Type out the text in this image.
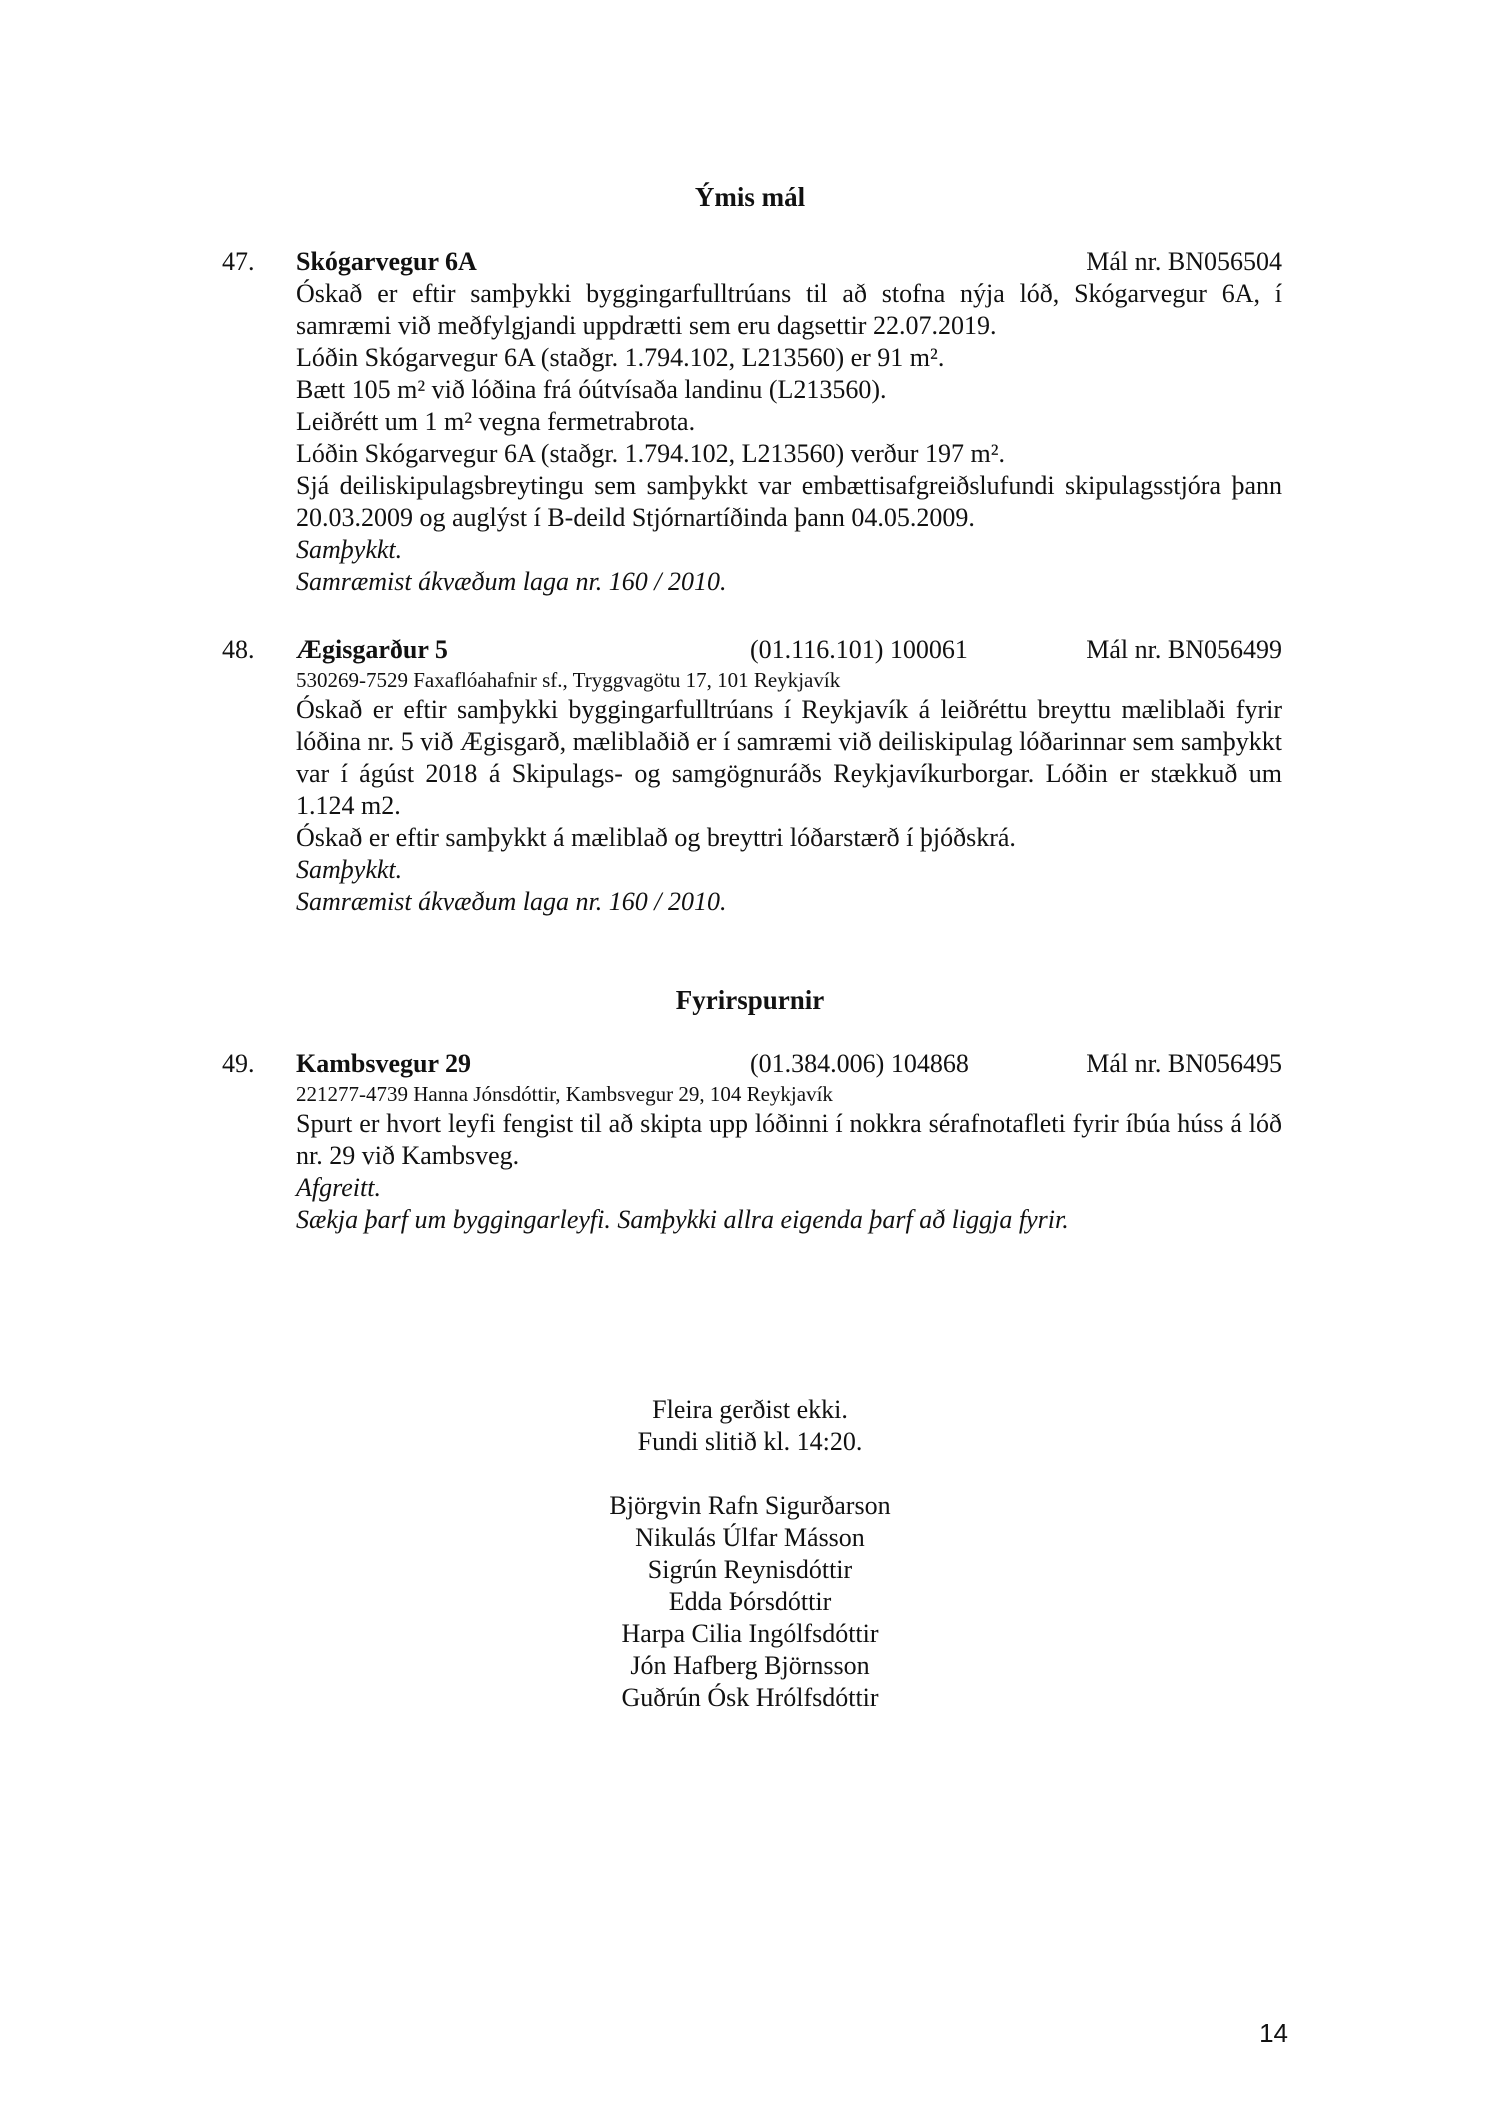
Ýmis mál
47. Skógarvegur 6A	Mál nr. BN056504
Óskað er eftir samþykki byggingarfulltrúans til að stofna nýja lóð, Skógarvegur 6A, í samræmi við meðfylgjandi uppdrætti sem eru dagsettir 22.07.2019.
Lóðin Skógarvegur 6A (staðgr. 1.794.102, L213560) er 91 m².
Bætt 105 m² við lóðina frá óútvísaða landinu (L213560).
Leiðrétt um 1 m² vegna fermetrabrota.
Lóðin Skógarvegur 6A (staðgr. 1.794.102, L213560) verður 197 m².
Sjá deiliskipulagsbreytingu sem samþykkt var embættisafgreiðslufundi skipulagsstjóra þann 20.03.2009 og auglýst í B-deild Stjórnartíðinda þann 04.05.2009.
Samþykkt.
Samræmist ákvæðum laga nr. 160 / 2010.
48. Ægisgarður 5	(01.116.101) 100061	Mál nr. BN056499
530269-7529 Faxaflóahafnir sf., Tryggvagötu 17, 101 Reykjavík
Óskað er eftir samþykki byggingarfulltrúans í Reykjavík á leiðréttu breyttu mæliblaði fyrir lóðina nr. 5 við Ægisgarð, mæliblaðið er í samræmi við deiliskipulag lóðarinnar sem samþykkt var í ágúst 2018 á Skipulags- og samgögnuráðs Reykjavíkurborgar. Lóðin er stækkuð um 1.124 m2.
Óskað er eftir samþykkt á mæliblað og breyttri lóðarstærð í þjóðskrá.
Samþykkt.
Samræmist ákvæðum laga nr. 160 / 2010.
Fyrirspurnir
49. Kambsvegur 29	(01.384.006) 104868	Mál nr. BN056495
221277-4739 Hanna Jónsdóttir, Kambsvegur 29, 104 Reykjavík
Spurt er hvort leyfi fengist til að skipta upp lóðinni í nokkra sérafnotafleti fyrir íbúa húss á lóð nr. 29 við Kambsveg.
Afgreitt.
Sækja þarf um byggingarleyfi. Samþykki allra eigenda þarf að liggja fyrir.
Fleira gerðist ekki.
Fundi slitið kl. 14:20.
Björgvin Rafn Sigurðarson
Nikulás Úlfar Másson
Sigrún Reynisdóttir
Edda Þórsdóttir
Harpa Cilia Ingólfsdóttir
Jón Hafberg Björnsson
Guðrún Ósk Hrólfsdóttir
14
